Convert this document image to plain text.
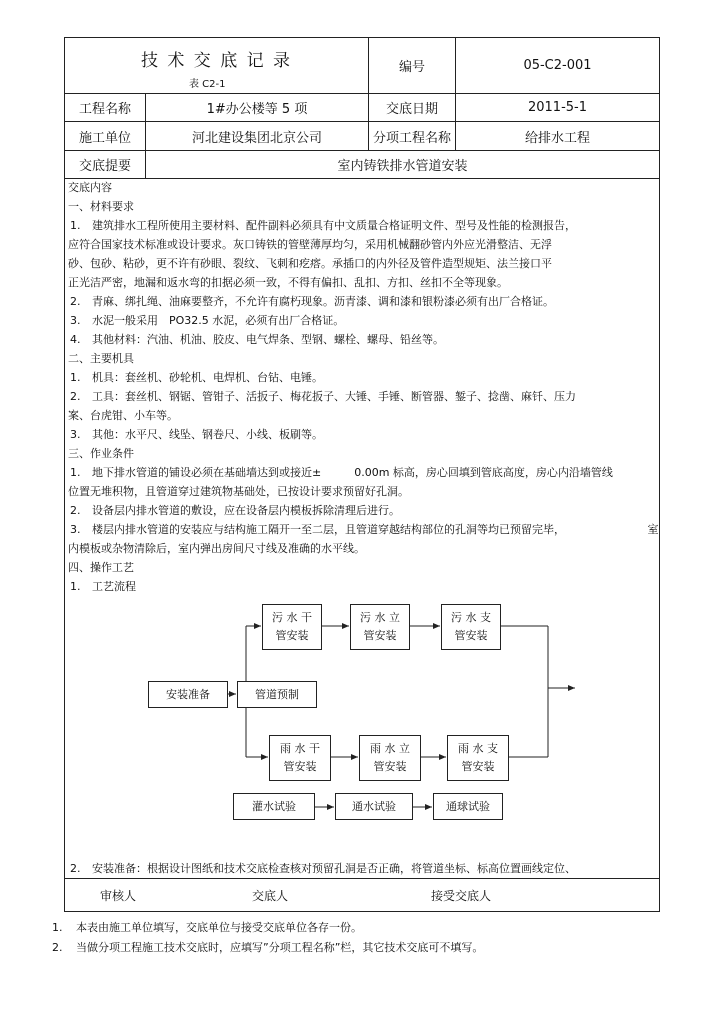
技 术 交 底 记 录
表 C2-1
编号	05-C2-001
工程名称	1#办公楼等 5 项	交底日期	2011-5-1
施工单位	河北建设集团北京公司	分项工程名称	给排水工程
交底提要	室内铸铁排水管道安装
安装准备	管道预制
2. 安装准备：根据设计图纸和技术交底检查核对预留孔洞是否正确，将管道坐标、标高位置画线定位、
审核人	交底人	接受交底人
1. 本表由施工单位填写，交底单位与接受交底单位各存一份。
2. 当做分项工程施工技术交底时，应填写”分项工程名称”栏，其它技术交底可不填写。
交底内容
一、材料要求
1. 建筑排水工程所使用主要材料、配件副料必须具有中文质量合格证明文件、型号及性能的检测报告，
应符合国家技术标准或设计要求。灰口铸铁的管壁薄厚均匀，采用机械翻砂管内外应光滑整洁、无浮
砂、包砂、粘砂，更不许有砂眼、裂纹、飞刺和疙瘩。承插口的内外径及管件造型规矩、法兰接口平
正光洁严密，地漏和返水弯的扣据必须一致，不得有偏扣、乱扣、方扣、丝扣不全等现象。
2. 青麻、绑扎绳、油麻要整齐，不允许有腐朽现象。沥青漆、调和漆和银粉漆必须有出厂合格证。
3. 水泥一般采用　PO32.5 水泥，必须有出厂合格证。
4. 其他材料：汽油、机油、胶皮、电气焊条、型钢、螺栓、螺母、铅丝等。
二、主要机具
1. 机具：套丝机、砂轮机、电焊机、台钻、电锤。
2. 工具：套丝机、钢锯、管钳子、活扳子、梅花扳子、大锤、手锤、断管器、錾子、捻凿、麻钎、压力
案、台虎钳、小车等。
3. 其他：水平尺、线坠、钢卷尺、小线、板刷等。
三、作业条件
1. 地下排水管道的铺设必须在基础墙达到或接近±　　　0.00m 标高，房心回填到管底高度，房心内沿墙管线
位置无堆积物，且管道穿过建筑物基础处，已按设计要求预留好孔洞。
2. 设备层内排水管道的敷设，应在设备层内模板拆除清理后进行。
3. 楼层内排水管道的安装应与结构施工隔开一至二层，且管道穿越结构部位的孔洞等均已预留完毕，　　　　　　　　室
内模板或杂物清除后，室内弹出房间尺寸线及准确的水平线。
四、操作工艺
1. 工艺流程
污 水 干
管安装
污 水 立
管安装
污 水 支
管安装
雨 水 干
管安装
雨 水 立
管安装
雨 水 支
管安装
灌水试验	通水试验	通球试验
